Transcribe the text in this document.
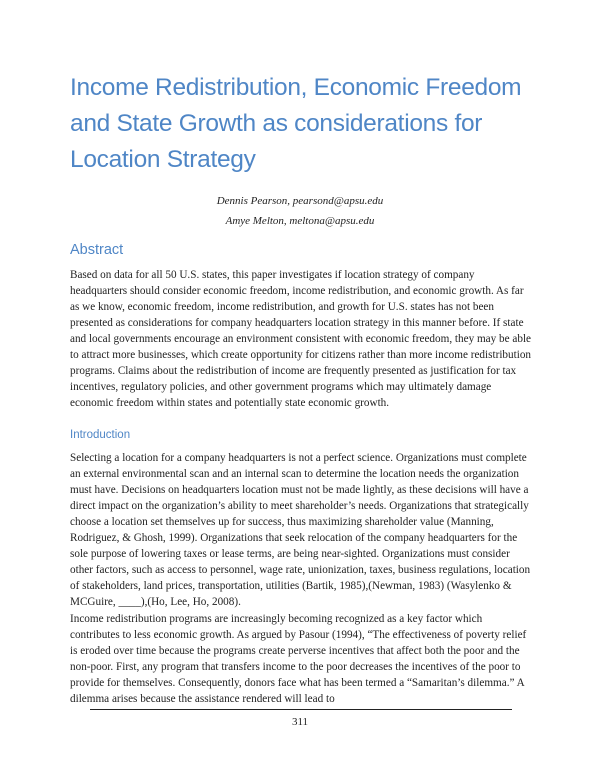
Income Redistribution, Economic Freedom and State Growth as considerations for Location Strategy
Dennis Pearson, pearsond@apsu.edu
Amye Melton, meltona@apsu.edu
Abstract

Based on data for all 50 U.S. states, this paper investigates if location strategy of company headquarters should consider economic freedom, income redistribution, and economic growth. As far as we know, economic freedom, income redistribution, and growth for U.S. states has not been presented as considerations for company headquarters location strategy in this manner before. If state and local governments encourage an environment consistent with economic freedom, they may be able to attract more businesses, which create opportunity for citizens rather than more income redistribution programs. Claims about the redistribution of income are frequently presented as justification for tax incentives, regulatory policies, and other government programs which may ultimately damage economic freedom within states and potentially state economic growth.

Introduction

Selecting a location for a company headquarters is not a perfect science. Organizations must complete an external environmental scan and an internal scan to determine the location needs the organization must have. Decisions on headquarters location must not be made lightly, as these decisions will have a direct impact on the organization’s ability to meet shareholder’s needs. Organizations that strategically choose a location set themselves up for success, thus maximizing shareholder value (Manning, Rodriguez, & Ghosh, 1999). Organizations that seek relocation of the company headquarters for the sole purpose of lowering taxes or lease terms, are being near-sighted. Organizations must consider other factors, such as access to personnel, wage rate, unionization, taxes, business regulations, location of stakeholders, land prices, transportation, utilities (Bartik, 1985),(Newman, 1983) (Wasylenko & MCGuire, ____),(Ho, Lee, Ho, 2008).

Income redistribution programs are increasingly becoming recognized as a key factor which contributes to less economic growth. As argued by Pasour (1994), “The effectiveness of poverty relief is eroded over time because the programs create perverse incentives that affect both the poor and the non-poor. First, any program that transfers income to the poor decreases the incentives of the poor to provide for themselves. Consequently, donors face what has been termed a “Samaritan’s dilemma.” A dilemma arises because the assistance rendered will lead to

311
